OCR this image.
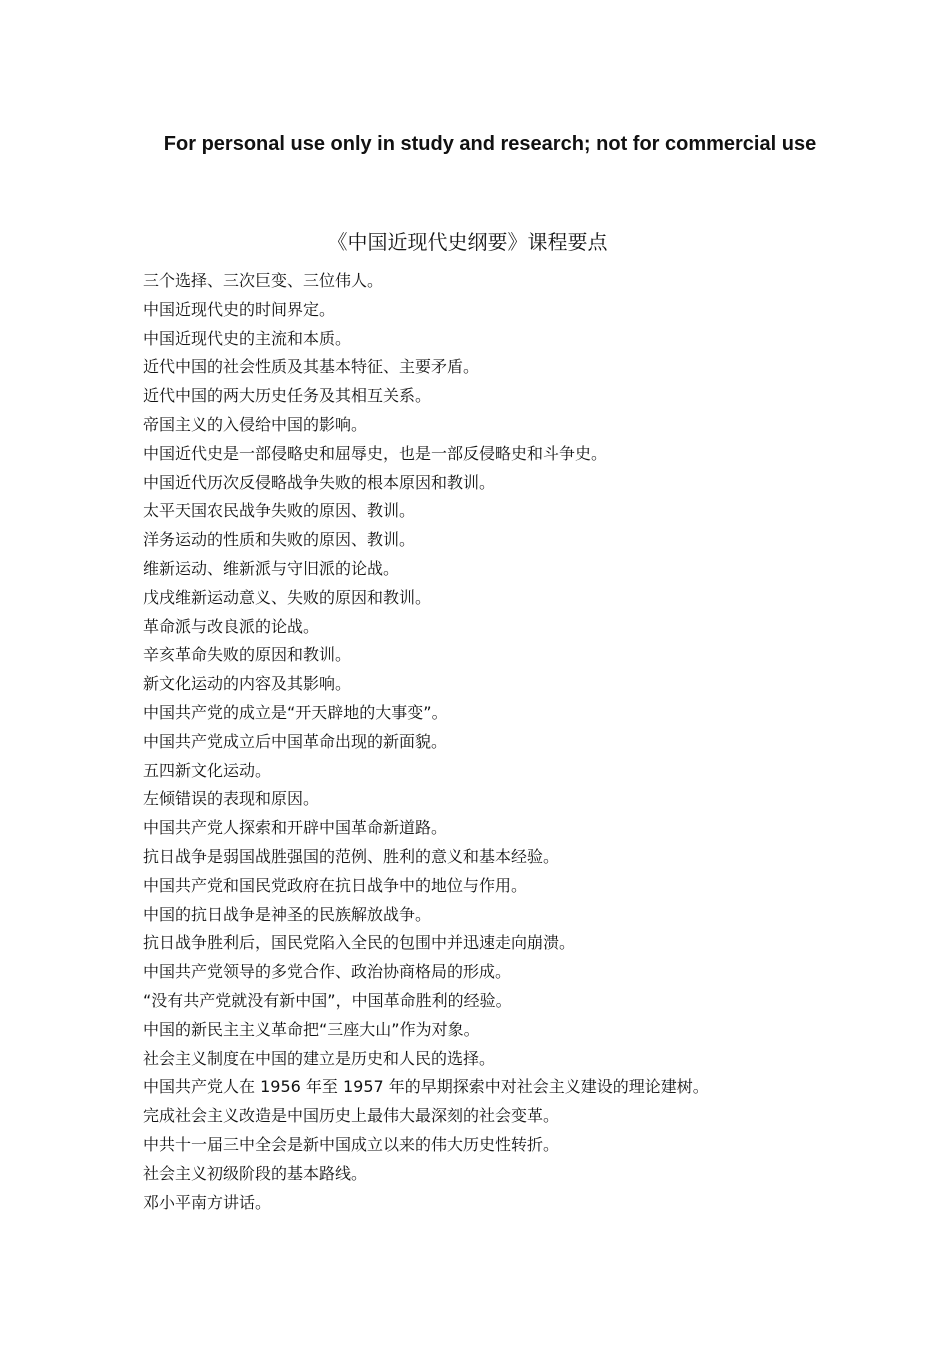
For personal use only in study and research; not for commercial use
《中国近现代史纲要》课程要点
三个选择、三次巨变、三位伟人。
中国近现代史的时间界定。
中国近现代史的主流和本质。
近代中国的社会性质及其基本特征、主要矛盾。
近代中国的两大历史任务及其相互关系。
帝国主义的入侵给中国的影响。
中国近代史是一部侵略史和屈辱史，也是一部反侵略史和斗争史。
中国近代历次反侵略战争失败的根本原因和教训。
太平天国农民战争失败的原因、教训。
洋务运动的性质和失败的原因、教训。
维新运动、维新派与守旧派的论战。
戊戌维新运动意义、失败的原因和教训。
革命派与改良派的论战。
辛亥革命失败的原因和教训。
新文化运动的内容及其影响。
中国共产党的成立是“开天辟地的大事变”。
中国共产党成立后中国革命出现的新面貌。
五四新文化运动。
左倾错误的表现和原因。
中国共产党人探索和开辟中国革命新道路。
抗日战争是弱国战胜强国的范例、胜利的意义和基本经验。
中国共产党和国民党政府在抗日战争中的地位与作用。
中国的抗日战争是神圣的民族解放战争。
抗日战争胜利后，国民党陷入全民的包围中并迅速走向崩溃。
中国共产党领导的多党合作、政治协商格局的形成。
“没有共产党就没有新中国”，中国革命胜利的经验。
中国的新民主主义革命把“三座大山”作为对象。
社会主义制度在中国的建立是历史和人民的选择。
中国共产党人在 1956 年至 1957 年的早期探索中对社会主义建设的理论建树。
完成社会主义改造是中国历史上最伟大最深刻的社会变革。
中共十一届三中全会是新中国成立以来的伟大历史性转折。
社会主义初级阶段的基本路线。
邓小平南方讲话。
